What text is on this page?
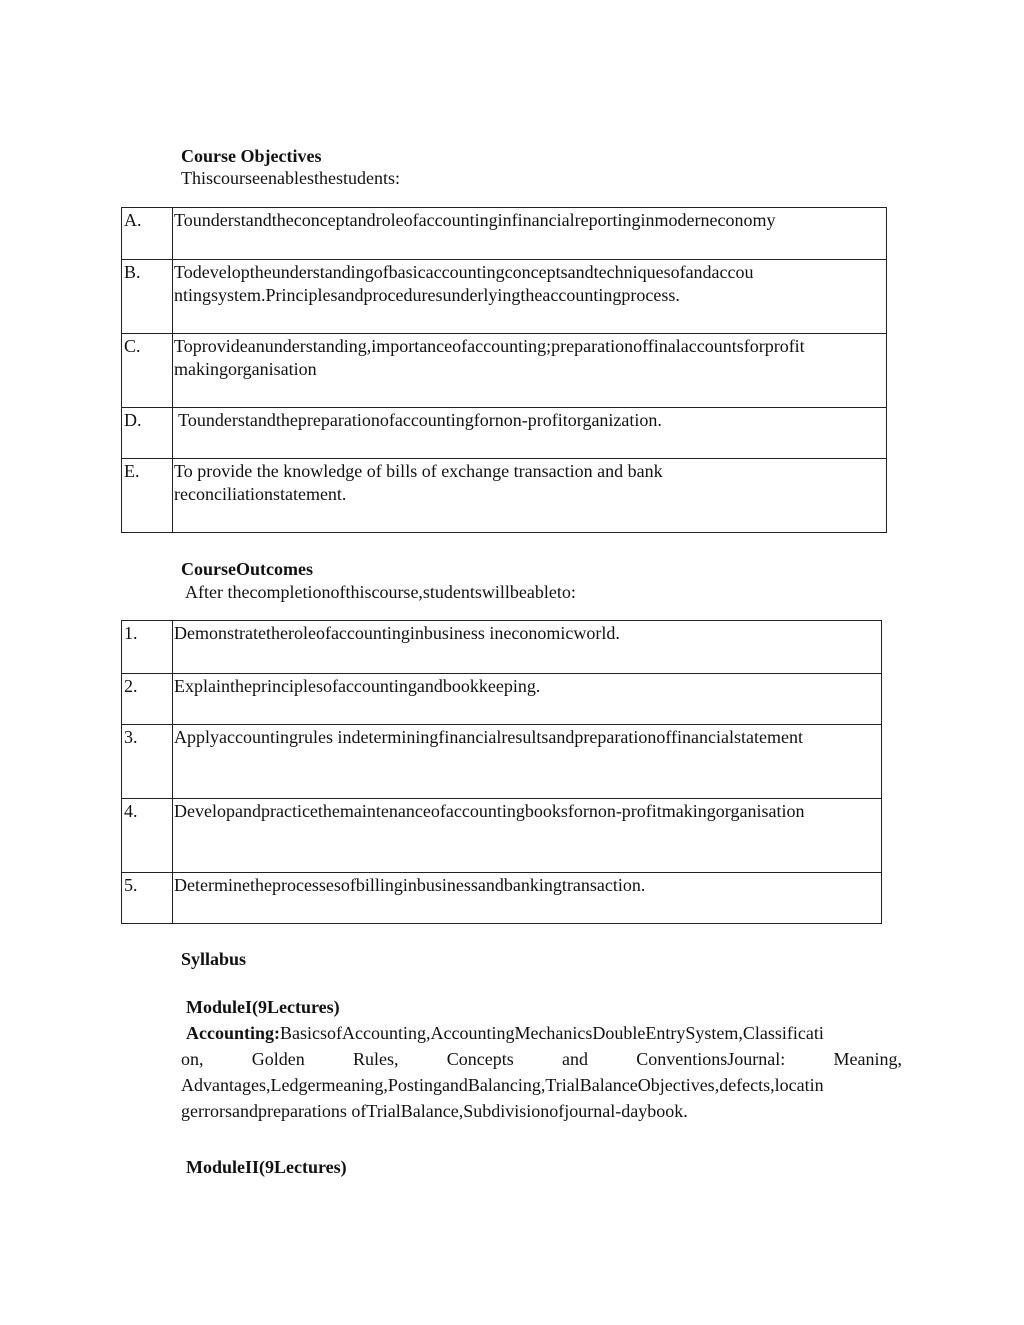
Course Objectives
Thiscourseenablesthestudents:
A.	Tounderstandtheconceptandroleofaccountinginfinancialreportinginmoderneconomy
B.	Todeveloptheunderstandingofbasicaccountingconceptsandtechniquesofandaccou ntingsystem.Principlesandproceduresunderlyingtheaccountingprocess.
C.	Toprovideanunderstanding,importanceofaccounting;preparationoffinalaccountsforprofit makingorganisation
D.	Tounderstandthepreparationofaccountingfornon-profitorganization.
E.	To provide the knowledge of bills of exchange transaction and bank reconciliationstatement.
CourseOutcomes
After thecompletionofthiscourse,studentswillbeableto:
1.	Demonstratetheroleofaccountinginbusiness ineconomicworld.
2.	Explaintheprinciplesofaccountingandbookkeeping.
3.	Applyaccountingrules indeterminingfinancialresultsandpreparationoffinancialstatement
4.	Developandpracticethemaintenanceofaccountingbooksfornon-profitmakingorganisation
5.	Determinetheprocessesofbillinginbusinessandbankingtransaction.
Syllabus
ModuleI(9Lectures)
Accounting:BasicsofAccounting,AccountingMechanicsDoubleEntrySystem,Classificati
on, Golden Rules, Concepts and ConventionsJournal: Meaning,
Advantages,Ledgermeaning,PostingandBalancing,TrialBalanceObjectives,defects,locatin
gerrorsandpreparations ofTrialBalance,Subdivisionofjournal-daybook.
ModuleII(9Lectures)
